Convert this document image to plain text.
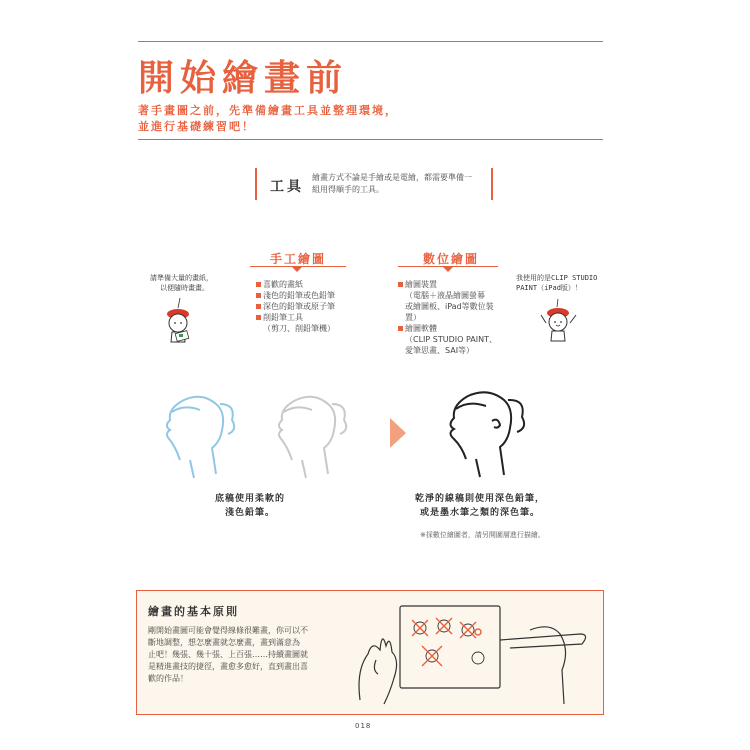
開始繪畫前
著手畫圖之前，先準備繪畫工具並整理環境，
並進行基礎練習吧！
工具
繪畫方式不論是手繪或是電繪，都需要準備一
組用得順手的工具。
手工繪圖
喜歡的畫紙
淺色的鉛筆或色鉛筆
深色的鉛筆或原子筆
削鉛筆工具
（剪刀、削鉛筆機）
請準備大量的畫紙，
以便隨時畫畫。
數位繪圖
繪圖裝置
（電腦＋液晶繪圖螢幕
或繪圖板、iPad等數位裝
置）
繪圖軟體
（CLIP STUDIO PAINT、
愛筆思畫、SAI等）
我使用的是CLIP STUDIO
PAINT（iPad版）！
底稿使用柔軟的
淺色鉛筆。
乾淨的線稿則使用深色鉛筆，
或是墨水筆之類的深色筆。
※採數位繪圖者，請另開圖層進行描繪。
繪畫的基本原則
剛開始畫圖可能會覺得線條很難畫，你可以不
斷地調整，想怎麼畫就怎麼畫，畫到滿意為
止吧！幾張、幾十張、上百張……持續畫圖就
是精進畫技的捷徑，畫愈多愈好，直到畫出喜
歡的作品！
018
